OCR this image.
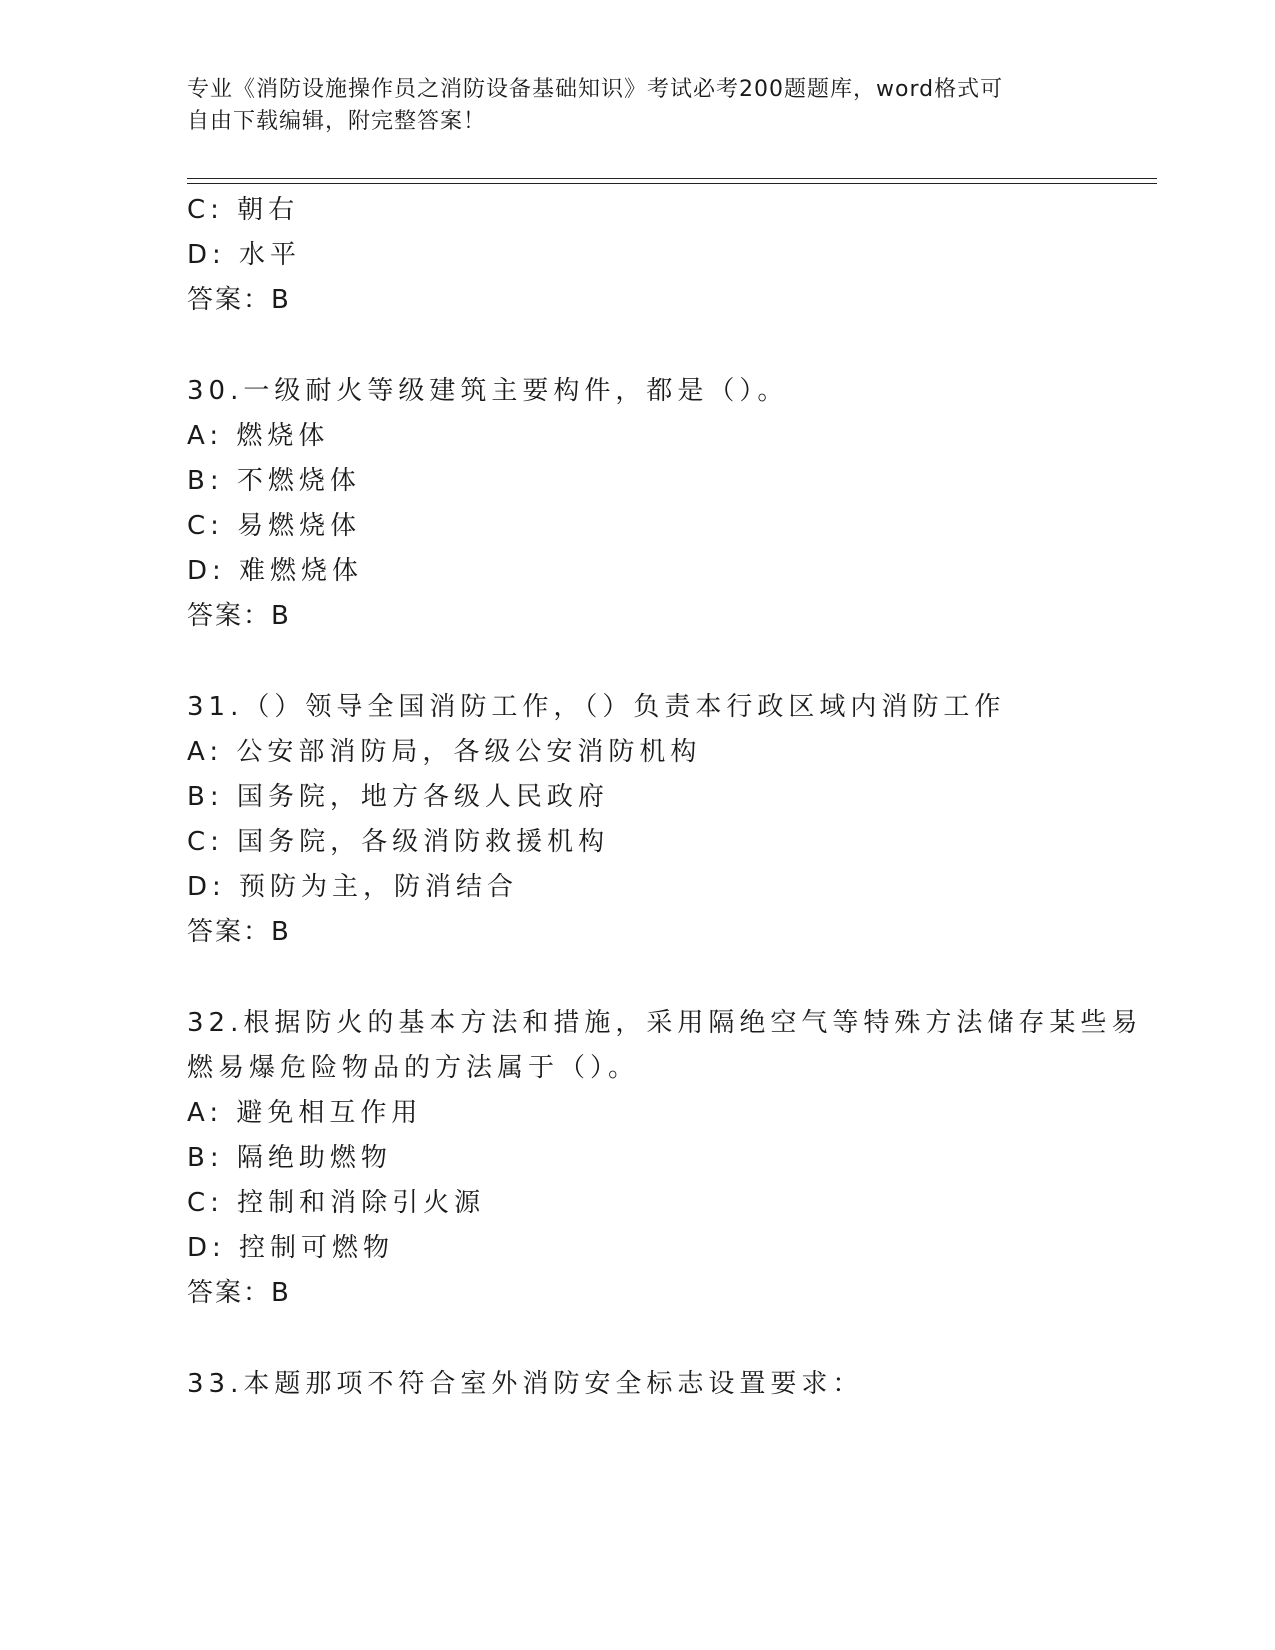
专业《消防设施操作员之消防设备基础知识》考试必考200题题库，word格式可
自由下载编辑，附完整答案！
C: 朝右
D: 水平
答案：B
30.一级耐火等级建筑主要构件，都是（）。
A: 燃烧体
B: 不燃烧体
C: 易燃烧体
D: 难燃烧体
答案：B
31.（）领导全国消防工作，（）负责本行政区域内消防工作
A: 公安部消防局，各级公安消防机构
B: 国务院，地方各级人民政府
C: 国务院，各级消防救援机构
D: 预防为主，防消结合
答案：B
32.根据防火的基本方法和措施，采用隔绝空气等特殊方法储存某些易
燃易爆危险物品的方法属于（）。
A: 避免相互作用
B: 隔绝助燃物
C: 控制和消除引火源
D: 控制可燃物
答案：B
33.本题那项不符合室外消防安全标志设置要求：
